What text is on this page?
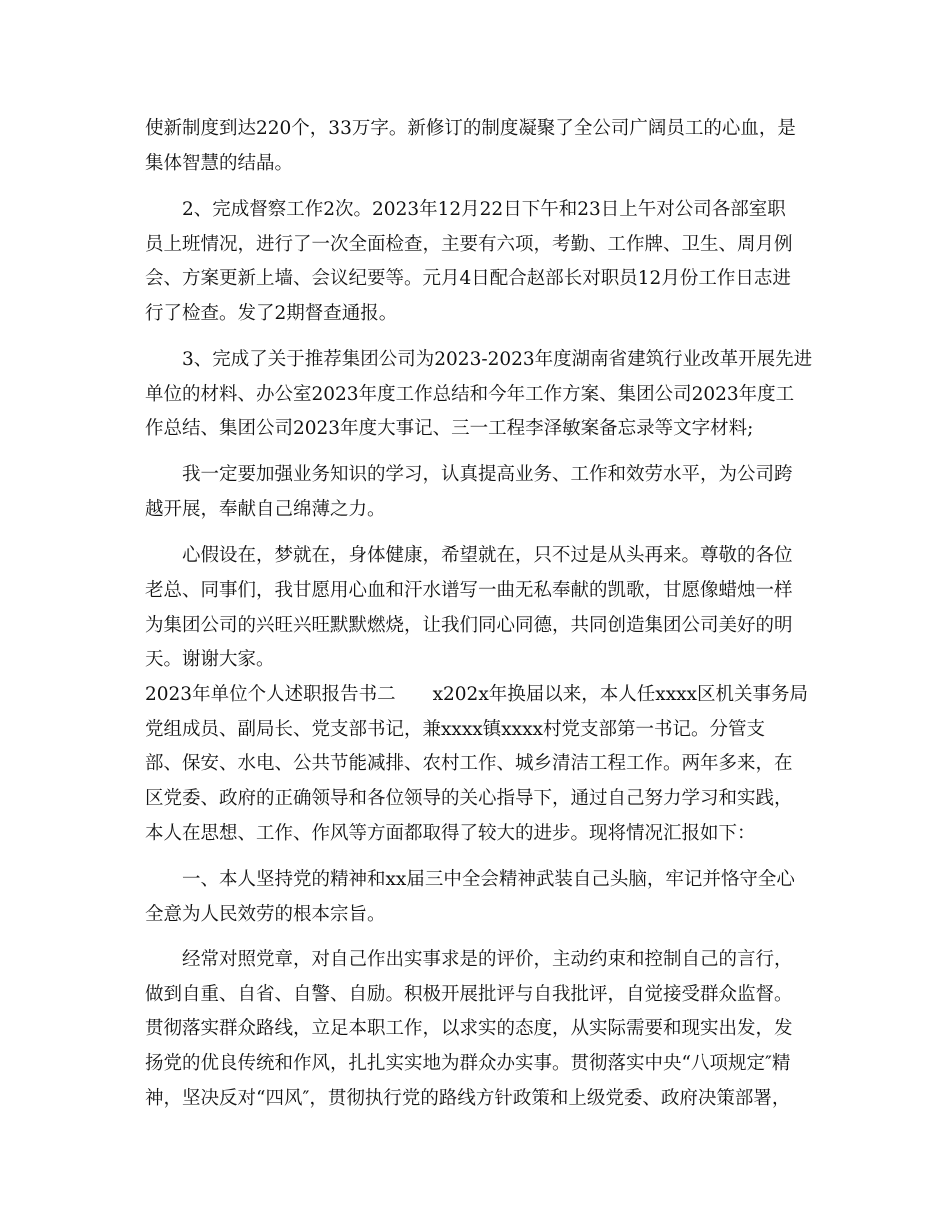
使新制度到达220个，33万字。新修订的制度凝聚了全公司广阔员工的心血，是
集体智慧的结晶。
2、完成督察工作2次。2023年12月22日下午和23日上午对公司各部室职
员上班情况，进行了一次全面检查，主要有六项，考勤、工作牌、卫生、周月例
会、方案更新上墙、会议纪要等。元月4日配合赵部长对职员12月份工作日志进
行了检查。发了2期督查通报。
3、完成了关于推荐集团公司为2023-2023年度湖南省建筑行业改革开展先进
单位的材料、办公室2023年度工作总结和今年工作方案、集团公司2023年度工
作总结、集团公司2023年度大事记、三一工程李泽敏案备忘录等文字材料;
我一定要加强业务知识的学习，认真提高业务、工作和效劳水平，为公司跨
越开展，奉献自己绵薄之力。
心假设在，梦就在，身体健康，希望就在，只不过是从头再来。尊敬的各位
老总、同事们，我甘愿用心血和汗水谱写一曲无私奉献的凯歌，甘愿像蜡烛一样
为集团公司的兴旺兴旺默默燃烧，让我们同心同德，共同创造集团公司美好的明
天。谢谢大家。
2023年单位个人述职报告书二　　x202x年换届以来，本人任xxxx区机关事务局
党组成员、副局长、党支部书记，兼xxxx镇xxxx村党支部第一书记。分管支
部、保安、水电、公共节能减排、农村工作、城乡清洁工程工作。两年多来，在
区党委、政府的正确领导和各位领导的关心指导下，通过自己努力学习和实践，
本人在思想、工作、作风等方面都取得了较大的进步。现将情况汇报如下：
一、本人坚持党的精神和xx届三中全会精神武装自己头脑，牢记并恪守全心
全意为人民效劳的根本宗旨。
经常对照党章，对自己作出实事求是的评价，主动约束和控制自己的言行，
做到自重、自省、自警、自励。积极开展批评与自我批评，自觉接受群众监督。
贯彻落实群众路线，立足本职工作，以求实的态度，从实际需要和现实出发，发
扬党的优良传统和作风，扎扎实实地为群众办实事。贯彻落实中央“八项规定″精
神，坚决反对“四风″，贯彻执行党的路线方针政策和上级党委、政府决策部署，
